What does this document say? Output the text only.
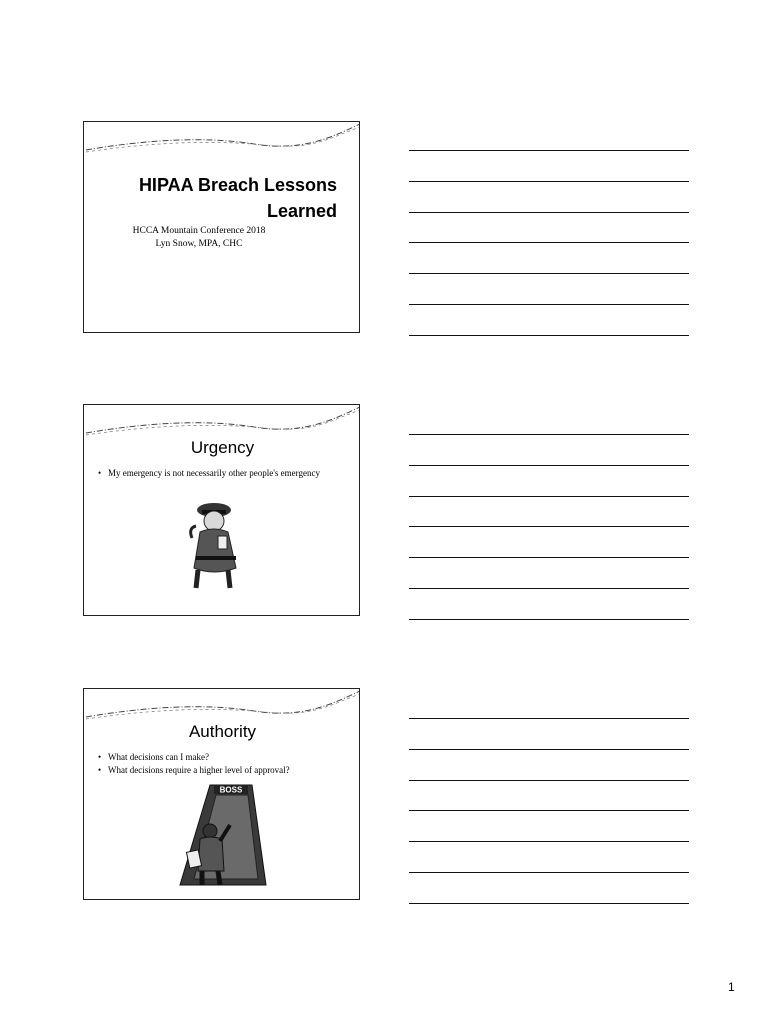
HIPAA Breach Lessons
Learned
HCCA Mountain Conference 2018
Lyn Snow, MPA, CHC
Urgency
• My emergency is not necessarily other people's emergency
Authority
• What decisions can I make?
• What decisions require a higher level of approval?
BOSS
1
